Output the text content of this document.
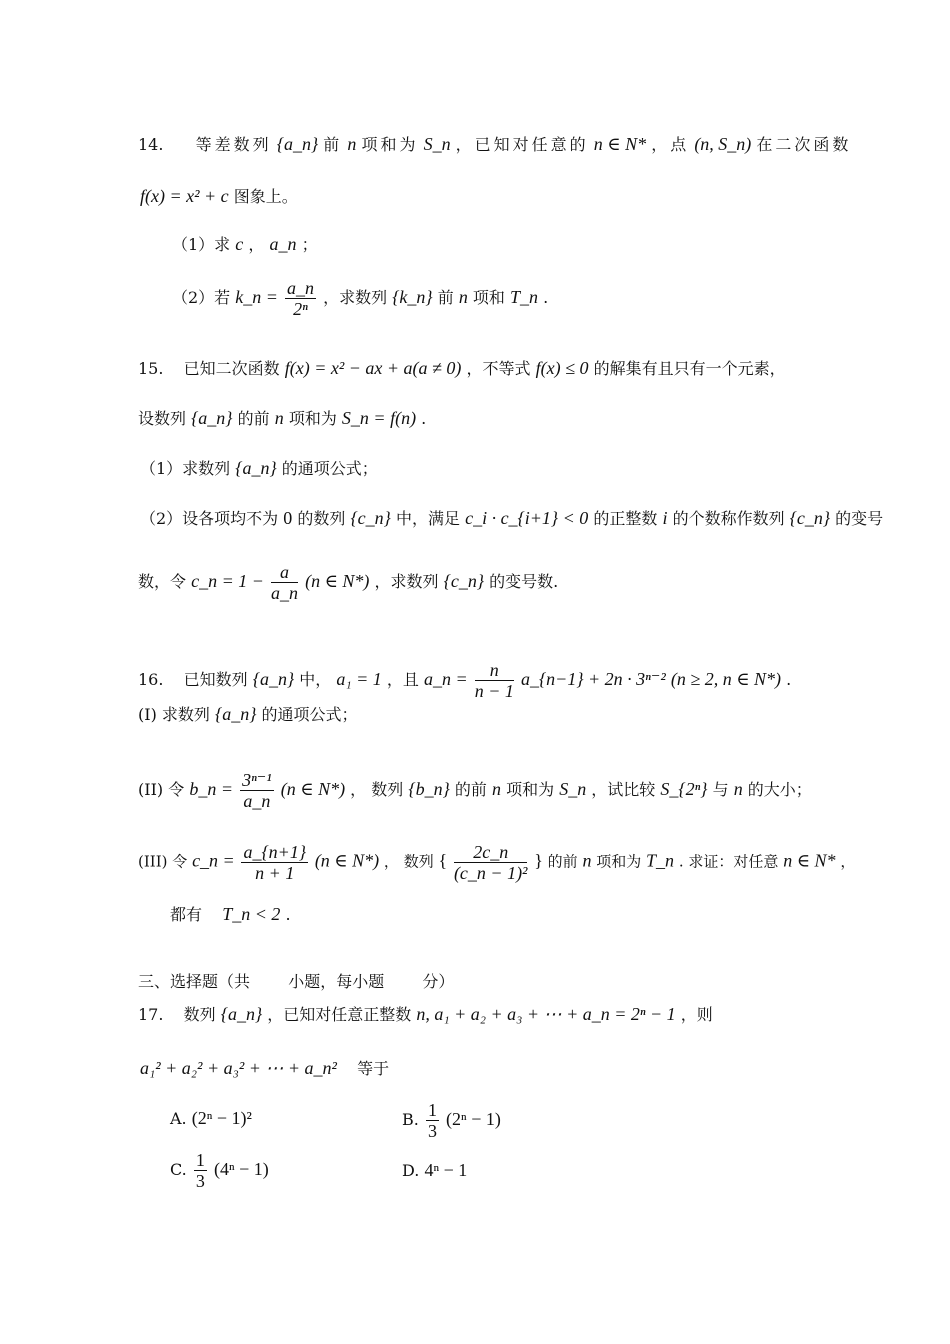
14. 等差数列 {a_n} 前 n 项和为 S_n ，已知对任意的 n ∈ N* ，点 (n, S_n) 在二次函数
f(x) = x² + c 图象上。
（1）求 c ， a_n ；
（2）若 k_n = $\frac{a\_n}{\text{2ⁿ}}$ ，求数列 {k_n} 前 n 项和 T_n .
15. 已知二次函数 f(x) = x² − ax + a(a ≠ 0) ，不等式 f(x) ≤ 0 的解集有且只有一个元素，
设数列 {a_n} 的前 n 项和为 S_n = f(n) .
（1）求数列 {a_n} 的通项公式；
（2）设各项均不为 0 的数列 {c_n} 中，满足 c_i · c_{i+1} < 0 的正整数 i 的个数称作数列 {c_n} 的变号
数，令 c_n = $1 - \frac{a}{a\_n} (n$ ∈ N*) ，求数列 {c_n} 的变号数.
16. 已知数列 {a_n} 中， a₁ = 1 ，且 a_n = $\frac{n}{n - 1}$ a_{n−1} + 2n · 3ⁿ⁻² (n ≥ 2, n ∈ N*) .
(I) 求数列 {a_n} 的通项公式；
(II) 令 b_n = $\frac{\text{3ⁿ⁻¹}}{a\_n} (n$ ∈ N*) ， 数列 {b_n} 的前 n 项和为 S_n ，试比较 S_{2ⁿ} 与 n 的大小；
(III) 令 c_n = $\frac{a\_\{n+1\}}{n + 1} (n$ ∈ N*) ， 数列 { $\frac{2c\_n}{\text{(c\_n − 1)²}}$ } 的前 n 项和为 T_n . 求证：对任意 n ∈ N* ，
都有 T_n < 2 .
三、选择题（共 小题，每小题 分）
17. 数列 {a_n} ，已知对任意正整数 n, a₁ + a₂ + a₃ + ⋯ + a_n = 2ⁿ − 1 ，则
a₁² + a₂² + a₃² + ⋯ + a_n² 等于
A. (2ⁿ − 1)²	B. $\frac{1}{3} (2^n - 1)$
C. $\frac{1}{3} (4^n - 1)$	D. 4ⁿ − 1
